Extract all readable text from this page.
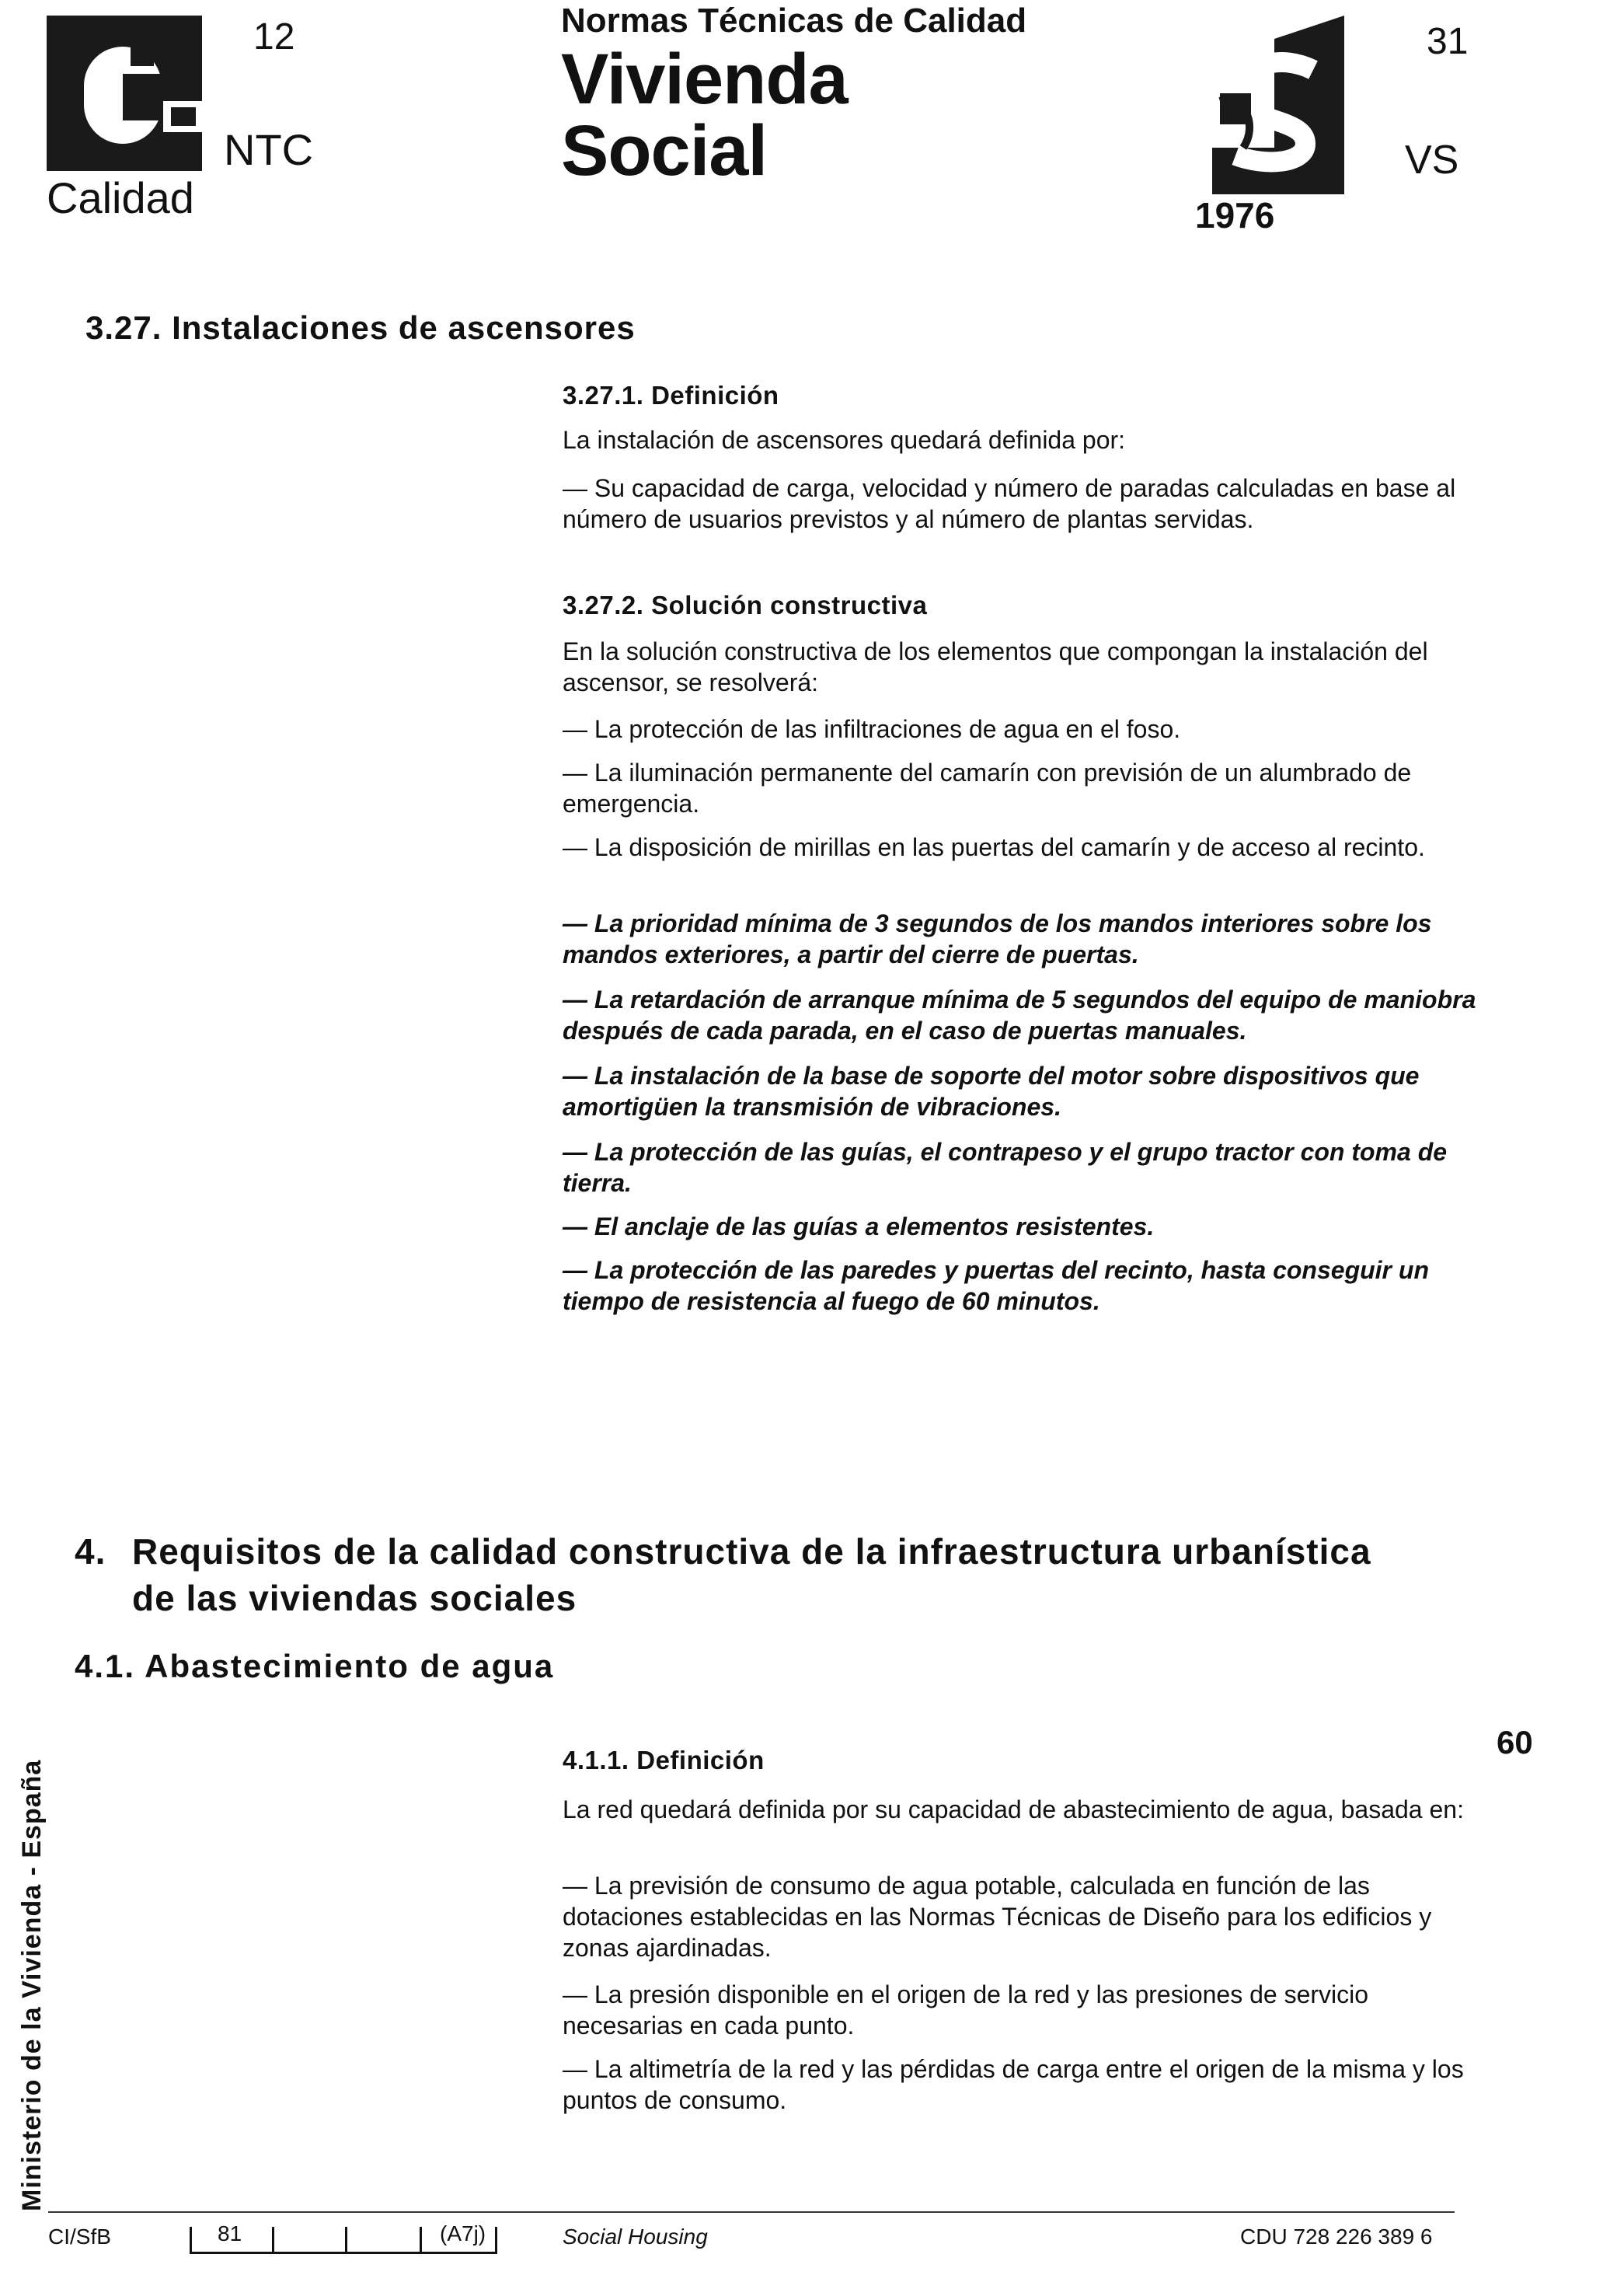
12
NTC
Calidad
Normas Técnicas de Calidad
Vivienda
Social
1976
31
VS
3.27. Instalaciones de ascensores
3.27.1. Definición
La instalación de ascensores quedará definida por:
— Su capacidad de carga, velocidad y número de paradas calculadas en base al número de usuarios previstos y al número de plantas servidas.
3.27.2. Solución constructiva
En la solución constructiva de los elementos que compongan la instalación del ascensor, se resolverá:
— La protección de las infiltraciones de agua en el foso.
— La iluminación permanente del camarín con previsión de un alumbrado de emergencia.
— La disposición de mirillas en las puertas del camarín y de acceso al recinto.
— La prioridad mínima de 3 segundos de los mandos interiores sobre los mandos exteriores, a partir del cierre de puertas.
— La retardación de arranque mínima de 5 segundos del equipo de maniobra después de cada parada, en el caso de puertas manuales.
— La instalación de la base de soporte del motor sobre dispositivos que amortigüen la transmisión de vibraciones.
— La protección de las guías, el contrapeso y el grupo tractor con toma de tierra.
— El anclaje de las guías a elementos resistentes.
— La protección de las paredes y puertas del recinto, hasta conseguir un tiempo de resistencia al fuego de 60 minutos.
4. Requisitos de la calidad constructiva de la infraestructura urbanística
de las viviendas sociales
4.1. Abastecimiento de agua
60
4.1.1. Definición
La red quedará definida por su capacidad de abastecimiento de agua, basada en:
— La previsión de consumo de agua potable, calculada en función de las dotaciones establecidas en las Normas Técnicas de Diseño para los edificios y zonas ajardinadas.
— La presión disponible en el origen de la red y las presiones de servicio necesarias en cada punto.
— La altimetría de la red y las pérdidas de carga entre el origen de la misma y los puntos de consumo.
Ministerio de la Vivienda - España
CI/SfB	81	(A7j)	Social Housing	CDU 728 226 389 6
